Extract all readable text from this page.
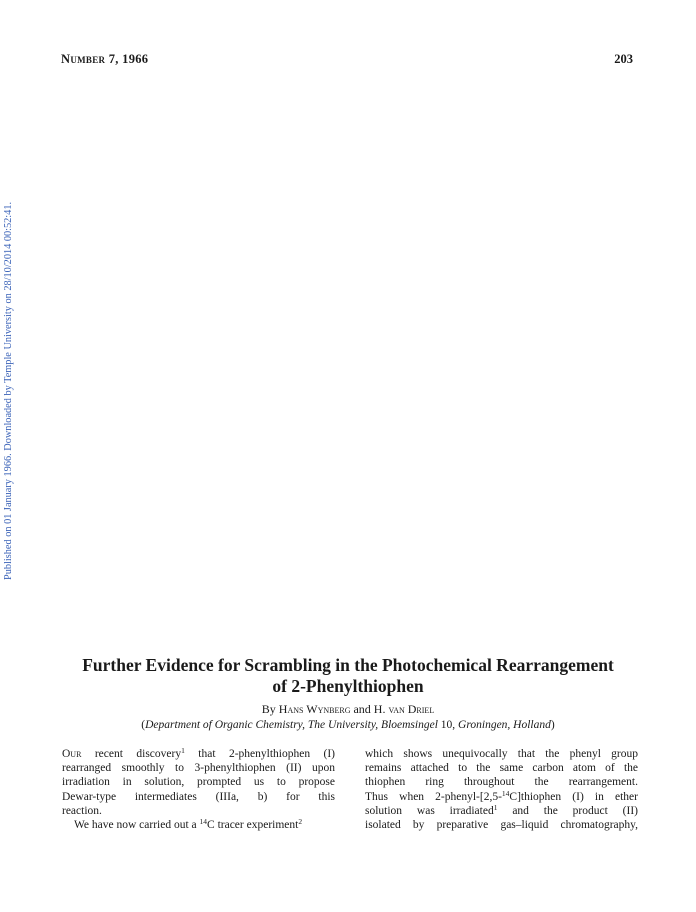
Number 7, 1966	203
Published on 01 January 1966. Downloaded by Temple University on 28/10/2014 00:52:41.
Further Evidence for Scrambling in the Photochemical Rearrangement
of 2-Phenylthiophen
By Hans Wynberg and H. van Driel
(Department of Organic Chemistry, The University, Bloemsingel 10, Groningen, Holland)
Our recent discovery$^1$ that 2-phenylthiophen (I)
rearranged smoothly to 3-phenylthiophen (II) upon
irradiation in solution, prompted us to propose
Dewar-type intermediates (IIIa, b) for this
reaction.
We have now carried out a $^{14}$C tracer experiment$^2$
which shows unequivocally that the phenyl group
remains attached to the same carbon atom of the
thiophen ring throughout the rearrangement.
Thus when 2-phenyl-[2,5-$^{14}$C]thiophen (I) in ether
solution was irradiated$^1$ and the product (II)
isolated by preparative gas–liquid chromatography,
